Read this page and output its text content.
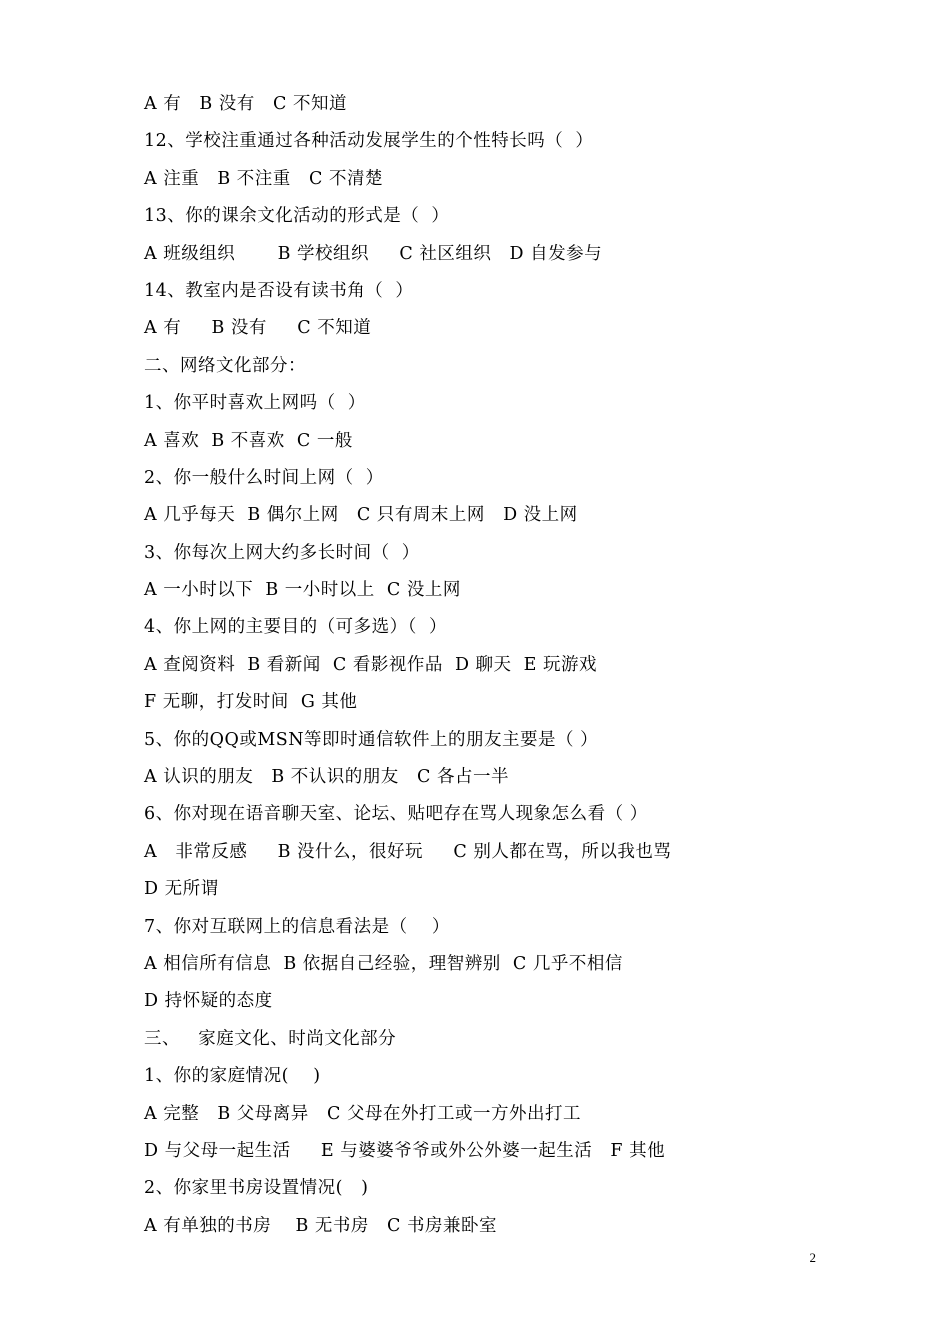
A 有   B 没有   C 不知道
12、学校注重通过各种活动发展学生的个性特长吗（  ）
A 注重   B 不注重   C 不清楚
13、你的课余文化活动的形式是（  ）
A 班级组织       B 学校组织     C 社区组织   D 自发参与
14、教室内是否设有读书角（  ）
A 有     B 没有     C 不知道
二、网络文化部分：
1、你平时喜欢上网吗（  ）
A 喜欢  B 不喜欢  C 一般
2、你一般什么时间上网（  ）
A 几乎每天  B 偶尔上网   C 只有周末上网   D 没上网
3、你每次上网大约多长时间（  ）
A 一小时以下  B 一小时以上  C 没上网
4、你上网的主要目的（可多选）（  ）
A 查阅资料  B 看新闻  C 看影视作品  D 聊天  E 玩游戏
F 无聊，打发时间  G 其他
5、你的QQ或MSN等即时通信软件上的朋友主要是（ ）
A 认识的朋友   B 不认识的朋友   C 各占一半
6、你对现在语音聊天室、论坛、贴吧存在骂人现象怎么看（ ）
A   非常反感     B 没什么，很好玩     C 别人都在骂，所以我也骂
D 无所谓
7、你对互联网上的信息看法是（    ）
A 相信所有信息  B 依据自己经验，理智辨别  C 几乎不相信
D 持怀疑的态度
三、   家庭文化、时尚文化部分
1、你的家庭情况(    )
A 完整   B 父母离异   C 父母在外打工或一方外出打工
D 与父母一起生活     E 与婆婆爷爷或外公外婆一起生活   F 其他
2、你家里书房设置情况(   )
A 有单独的书房    B 无书房   C 书房兼卧室
2
